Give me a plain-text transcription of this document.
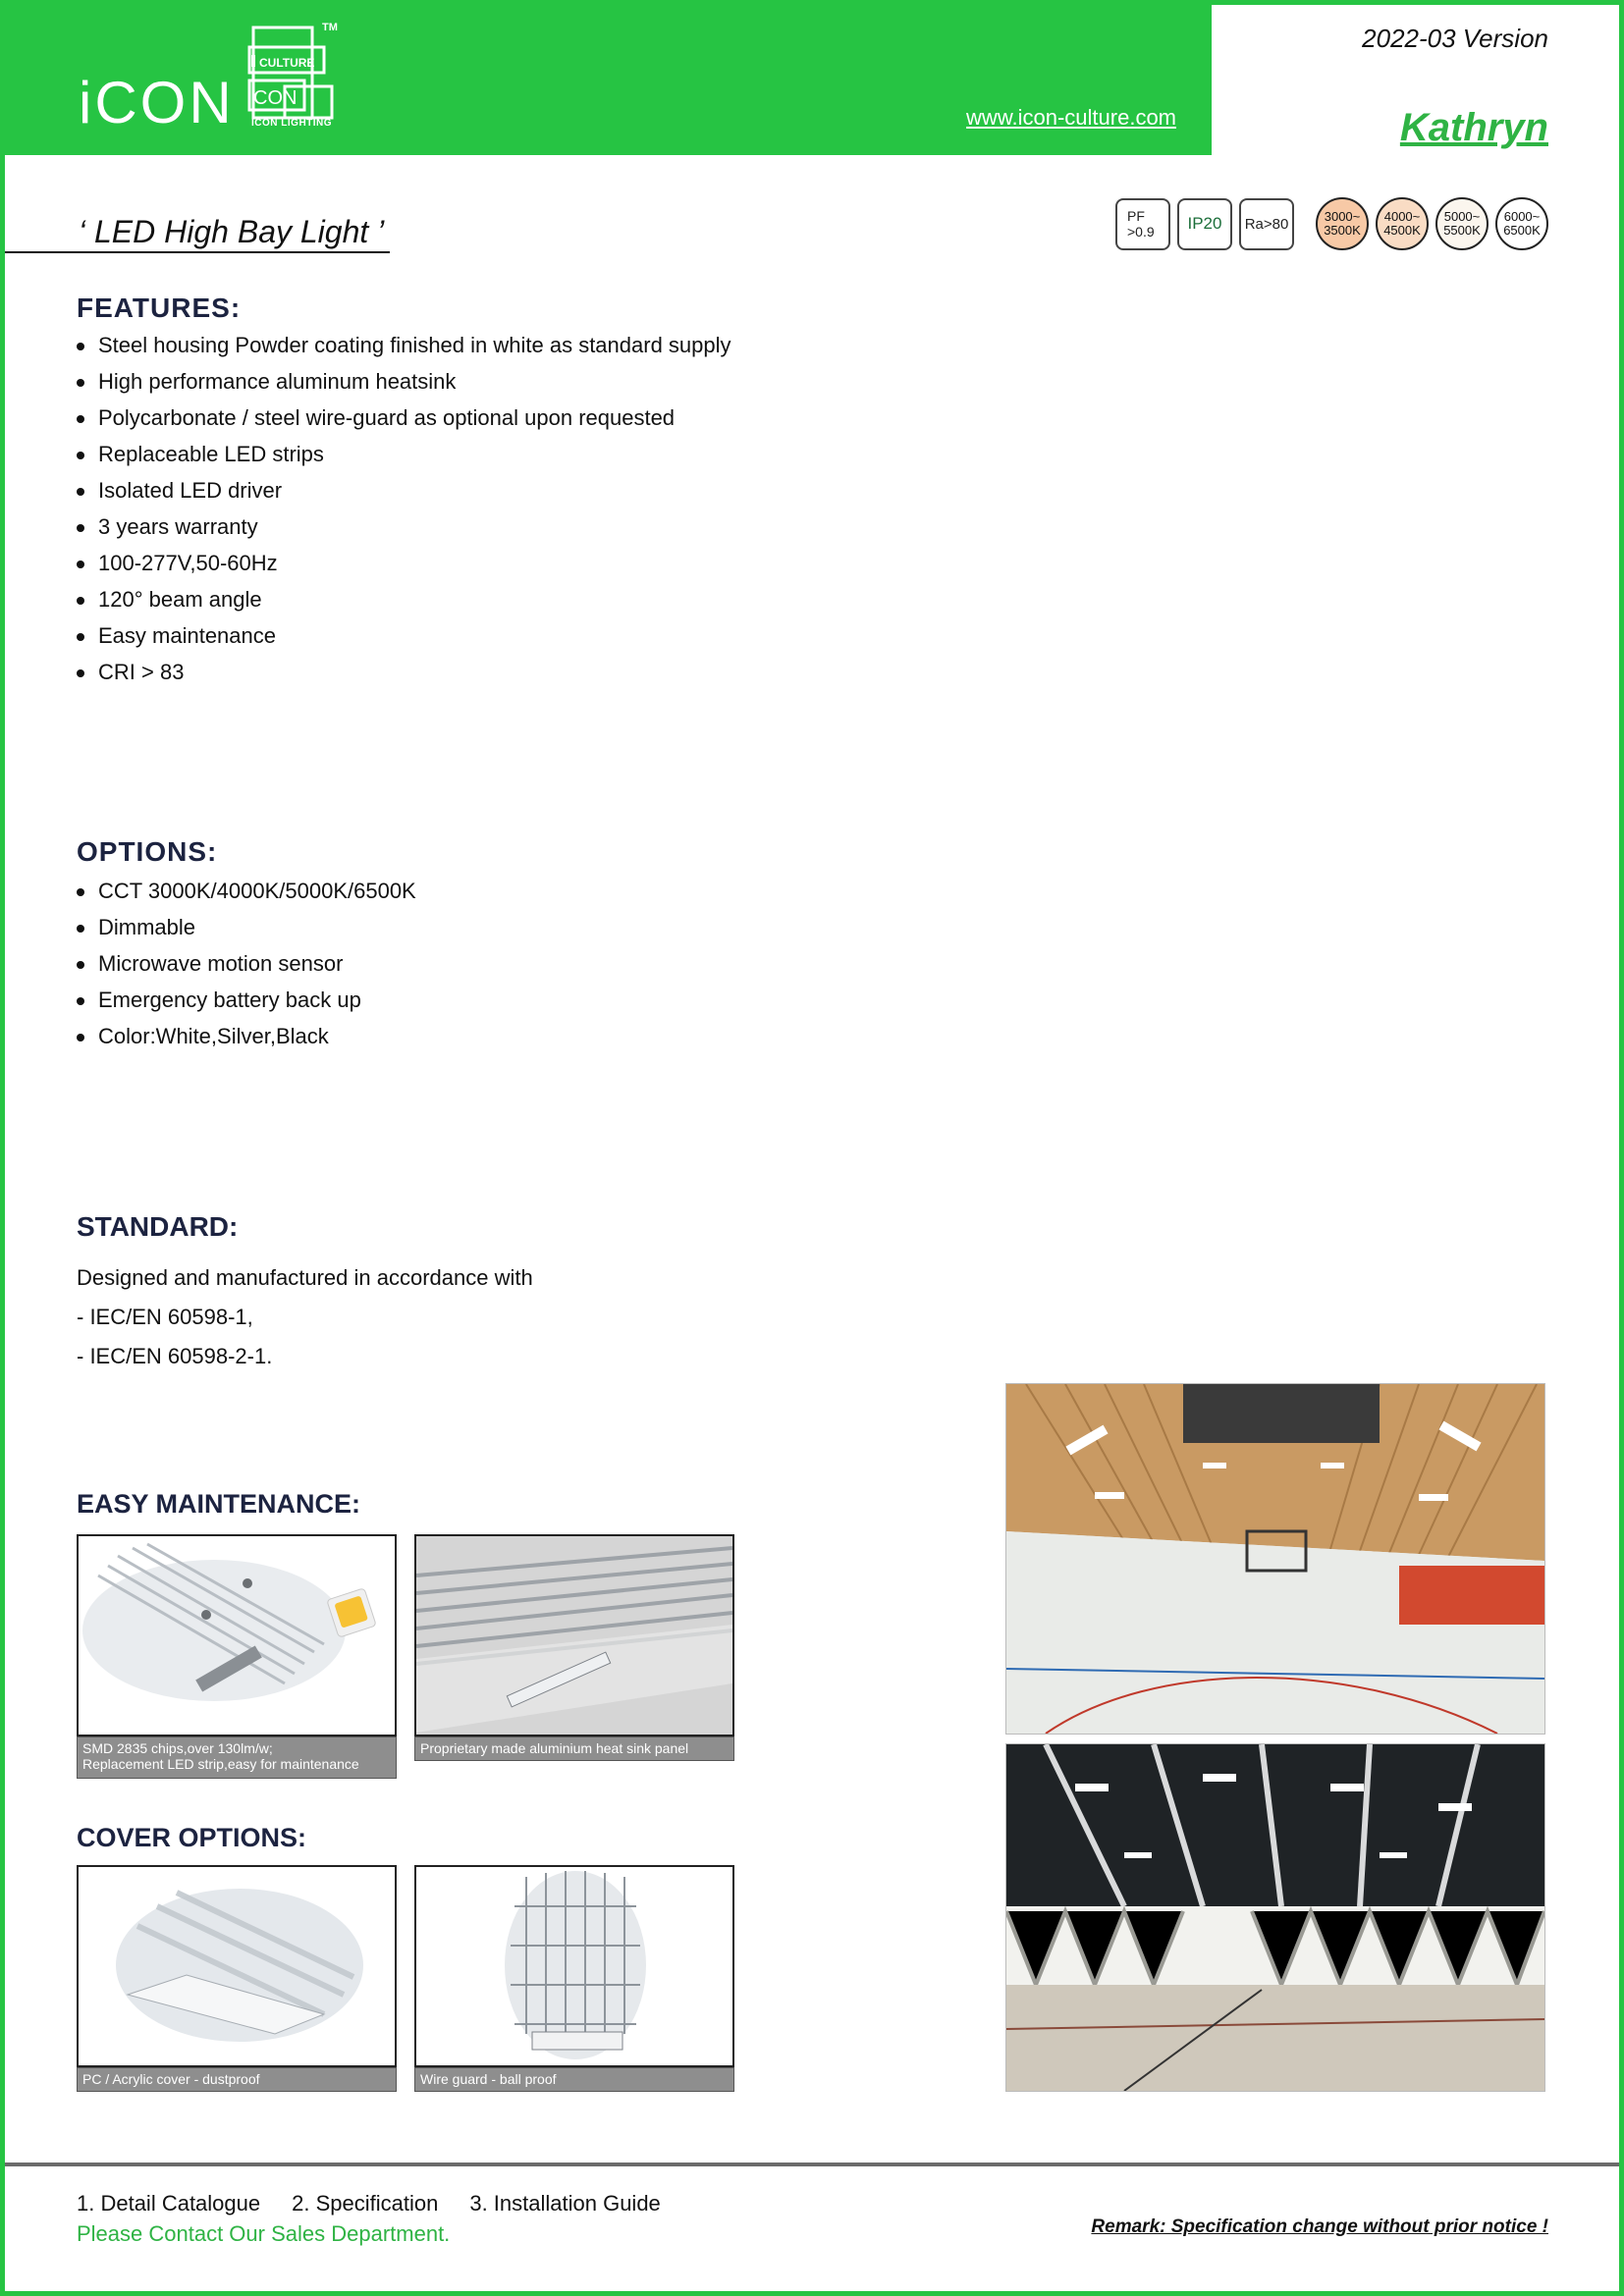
iCON
CULTURE
CON
TM
ICON LIGHTING	www.icon-culture.com
2022-03 Version
Kathryn
‘ LED High Bay Light ’	PF
>0.9	IP20	Ra>80	3000~
3500K
4000~
4500K
5000~
5500K
6000~
6500K
FEATURES:
Steel housing Powder coating finished in white as standard supply
High performance aluminum heatsink
Polycarbonate / steel wire-guard as optional upon requested
Replaceable LED strips
Isolated LED driver
3 years warranty
100-277V,50-60Hz
120° beam angle
Easy maintenance
CRI > 83
OPTIONS:
CCT 3000K/4000K/5000K/6500K
Dimmable
Microwave motion sensor
Emergency battery back up
Color:White,Silver,Black
STANDARD:
Designed and manufactured in accordance with
- IEC/EN 60598-1,
- IEC/EN 60598-2-1.
EASY MAINTENANCE:
SMD 2835 chips,over 130lm/w;
Replacement LED strip,easy for maintenance
Proprietary made aluminium heat sink panel
COVER OPTIONS:
PC / Acrylic cover - dustproof	Wire guard - ball proof
1. Detail Catalogue 2. Specification 3. Installation Guide
Please Contact Our Sales Department.	Remark: Specification change without prior notice !
